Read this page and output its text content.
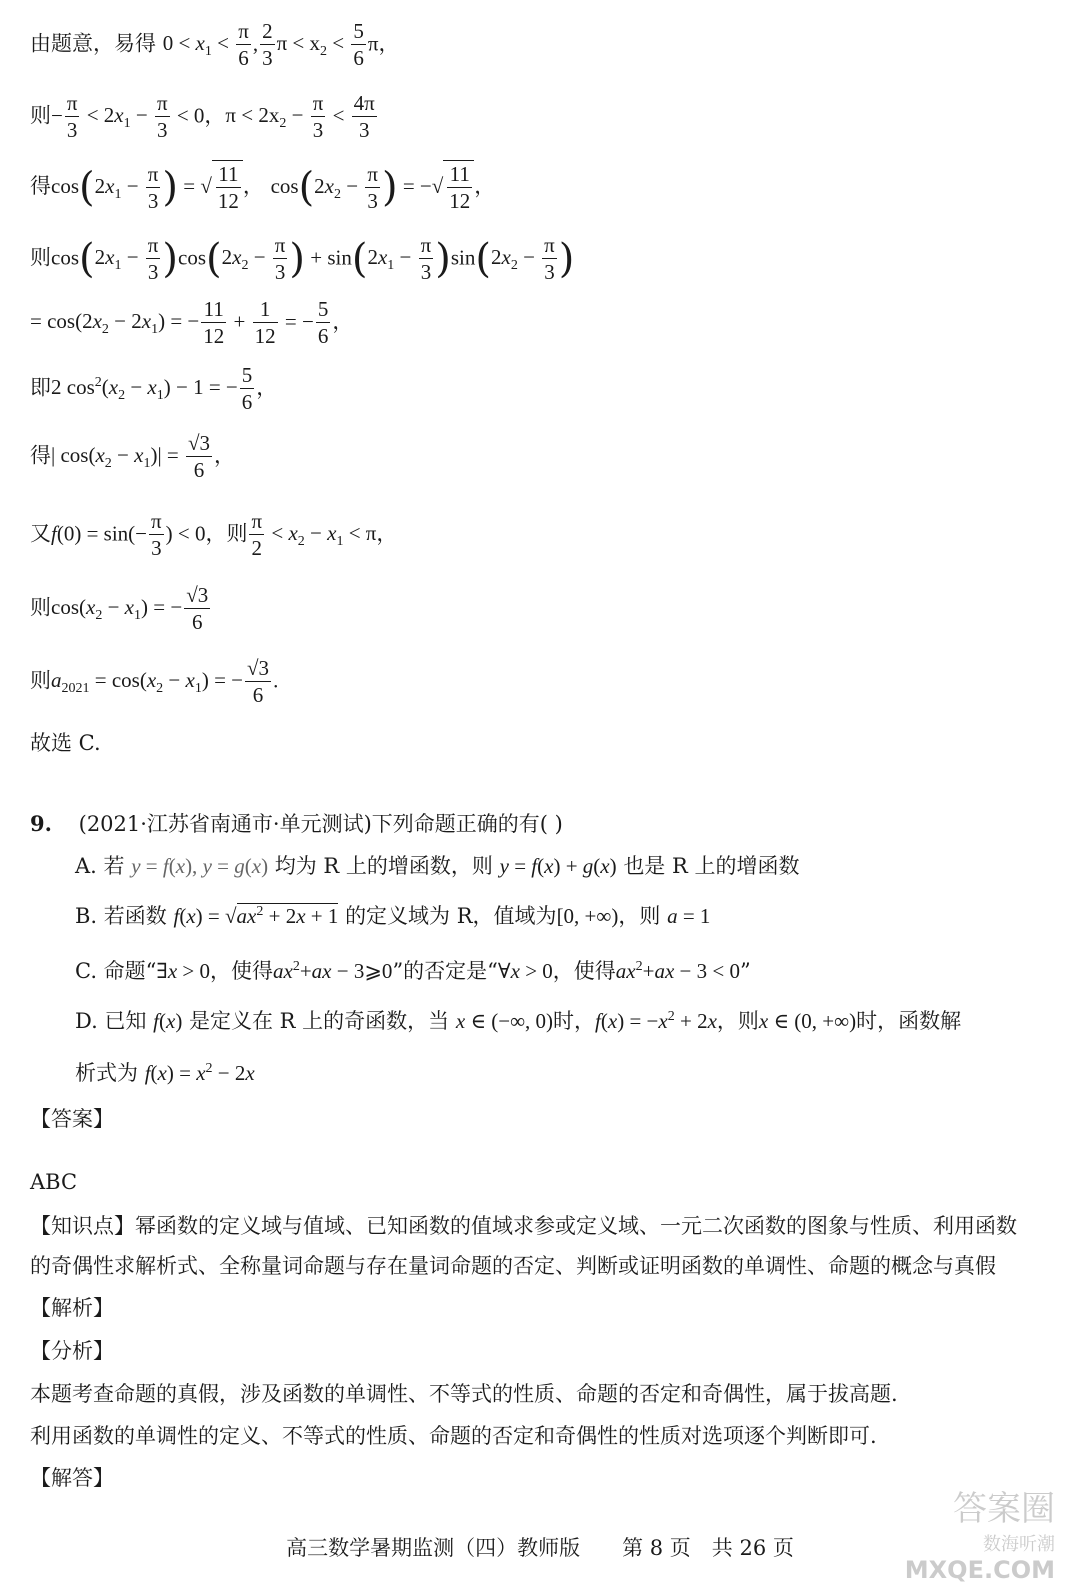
由题意，易得 $0 < x_1 < \frac{\pi}{6}$ , $\frac{2}{3}$ $\pi < x_2 < \frac{5}{6}$ π，
则− $\frac{\pi}{3} < 2x_1 - \frac{\pi}{3} < 0$，$\pi < 2x_2 - \frac{\pi}{3} < \frac{4\pi}{3}$
得$\cos(2x_1 - \frac{\pi}{3}$ ) = √ $\frac{11}{12}$ ， $\cos(2x_2 - \frac{\pi}{3}$ ) = −√ $\frac{11}{12}$ ，
则$\cos(2x_1 - \frac{\pi}{3} )\cos(2x_2 - \frac{\pi}{3}$ ) + $\sin(2x_1 - \frac{\pi}{3} )\sin(2x_2 - \frac{\pi}{3}$ )
= $\cos(2x_2 - 2x_1)$ = − $\frac{11}{12} + \frac{1}{12}$ = − $\frac{5}{6}$ ，
即2 $\cos^2(x_2 - x_1) - 1$ = − $\frac{5}{6}$ ，
得| $\cos(x_2 - x_1)| = \frac{√3}{6}$ ，
又$f(0) = \sin(- \frac{\pi}{3}$ ) < 0，则 $\frac{\pi}{2} < x_2 - x_1 < \pi$，
则$\cos(x_2 - x_1)$ = − $\frac{√3}{6}$
则$a_{2021} = \cos(x_2 - x_1)$ = − $\frac{√3}{6}$ .
故选 C.
9. (2021·江苏省南通市·单元测试)下列命题正确的有( )
A. 若 y = f(x), y = g(x) 均为 R 上的增函数，则 y = f(x) + g(x) 也是 R 上的增函数
B. 若函数 $f(x) = √ax^2 + 2x + 1$ 的定义域为 R，值域为[0, +∞)，则 a = 1
C. 命题“∃x > 0，使得$ax^2+ax$ − 3⩾0”的否定是“∀x > 0，使得$ax^2+ax - 3 < 0$”
D. 已知 f(x) 是定义在 R 上的奇函数，当 x ∈ (−∞, 0)时，$f(x) = -x^2 + 2x$，则x ∈ (0, +∞)时，函数解
析式为 $f(x) = x^2 - 2x$
【答案】
ABC
【知识点】幂函数的定义域与值域、已知函数的值域求参或定义域、一元二次函数的图象与性质、利用函数
的奇偶性求解析式、全称量词命题与存在量词命题的否定、判断或证明函数的单调性、命题的概念与真假
【解析】
【分析】
本题考查命题的真假，涉及函数的单调性、不等式的性质、命题的否定和奇偶性，属于拔高题.
利用函数的单调性的定义、不等式的性质、命题的否定和奇偶性的性质对选项逐个判断即可.
【解答】
高三数学暑期监测（四）教师版　　第 8 页　共 26 页
答案圈
数海听潮
MXQE.COM
